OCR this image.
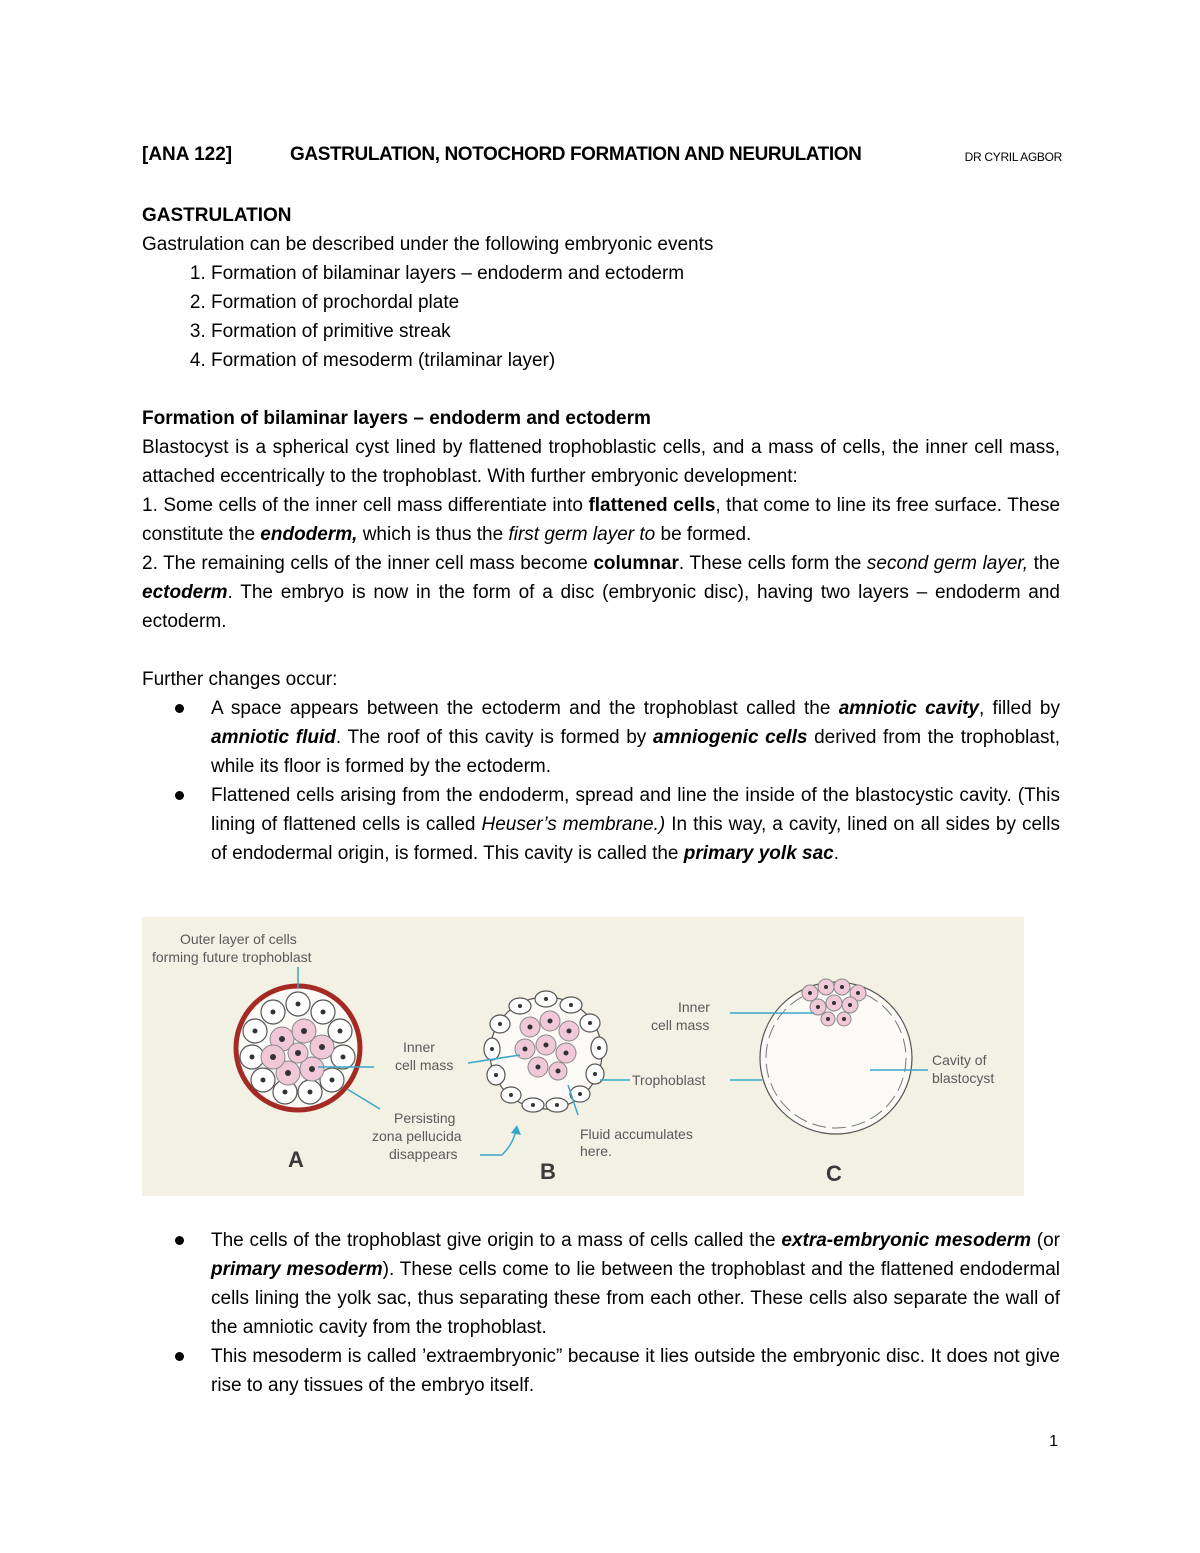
[ANA 122]	GASTRULATION, NOTOCHORD FORMATION AND NEURULATION	DR CYRIL AGBOR

GASTRULATION

Gastrulation can be described under the following embryonic events

1. Formation of bilaminar layers – endoderm and ectoderm
2. Formation of prochordal plate
3. Formation of primitive streak
4. Formation of mesoderm (trilaminar layer)

Formation of bilaminar layers – endoderm and ectoderm

Blastocyst is a spherical cyst lined by flattened trophoblastic cells, and a mass of cells, the inner cell mass, attached eccentrically to the trophoblast. With further embryonic development:

1. Some cells of the inner cell mass differentiate into flattened cells, that come to line its free surface. These constitute the endoderm, which is thus the first germ layer to be formed.

2. The remaining cells of the inner cell mass become columnar. These cells form the second germ layer, the ectoderm. The embryo is now in the form of a disc (embryonic disc), having two layers – endoderm and ectoderm.

Further changes occur:

A space appears between the ectoderm and the trophoblast called the amniotic cavity, filled by amniotic fluid. The roof of this cavity is formed by amniogenic cells derived from the trophoblast, while its floor is formed by the ectoderm.
Flattened cells arising from the endoderm, spread and line the inside of the blastocystic cavity. (This lining of flattened cells is called Heuser’s membrane.) In this way, a cavity, lined on all sides by cells of endodermal origin, is formed. This cavity is called the primary yolk sac.
Outer layer of cells
forming future trophoblast
Inner
cell mass
Persisting
zona pellucida
disappears
A
Fluid accumulates
here.
B
Inner
cell mass
Trophoblast
Cavity of
blastocyst
C
The cells of the trophoblast give origin to a mass of cells called the extra-embryonic mesoderm (or primary mesoderm). These cells come to lie between the trophoblast and the flattened endodermal cells lining the yolk sac, thus separating these from each other. These cells also separate the wall of the amniotic cavity from the trophoblast.
This mesoderm is called ’extraembryonic” because it lies outside the embryonic disc. It does not give rise to any tissues of the embryo itself.
1
